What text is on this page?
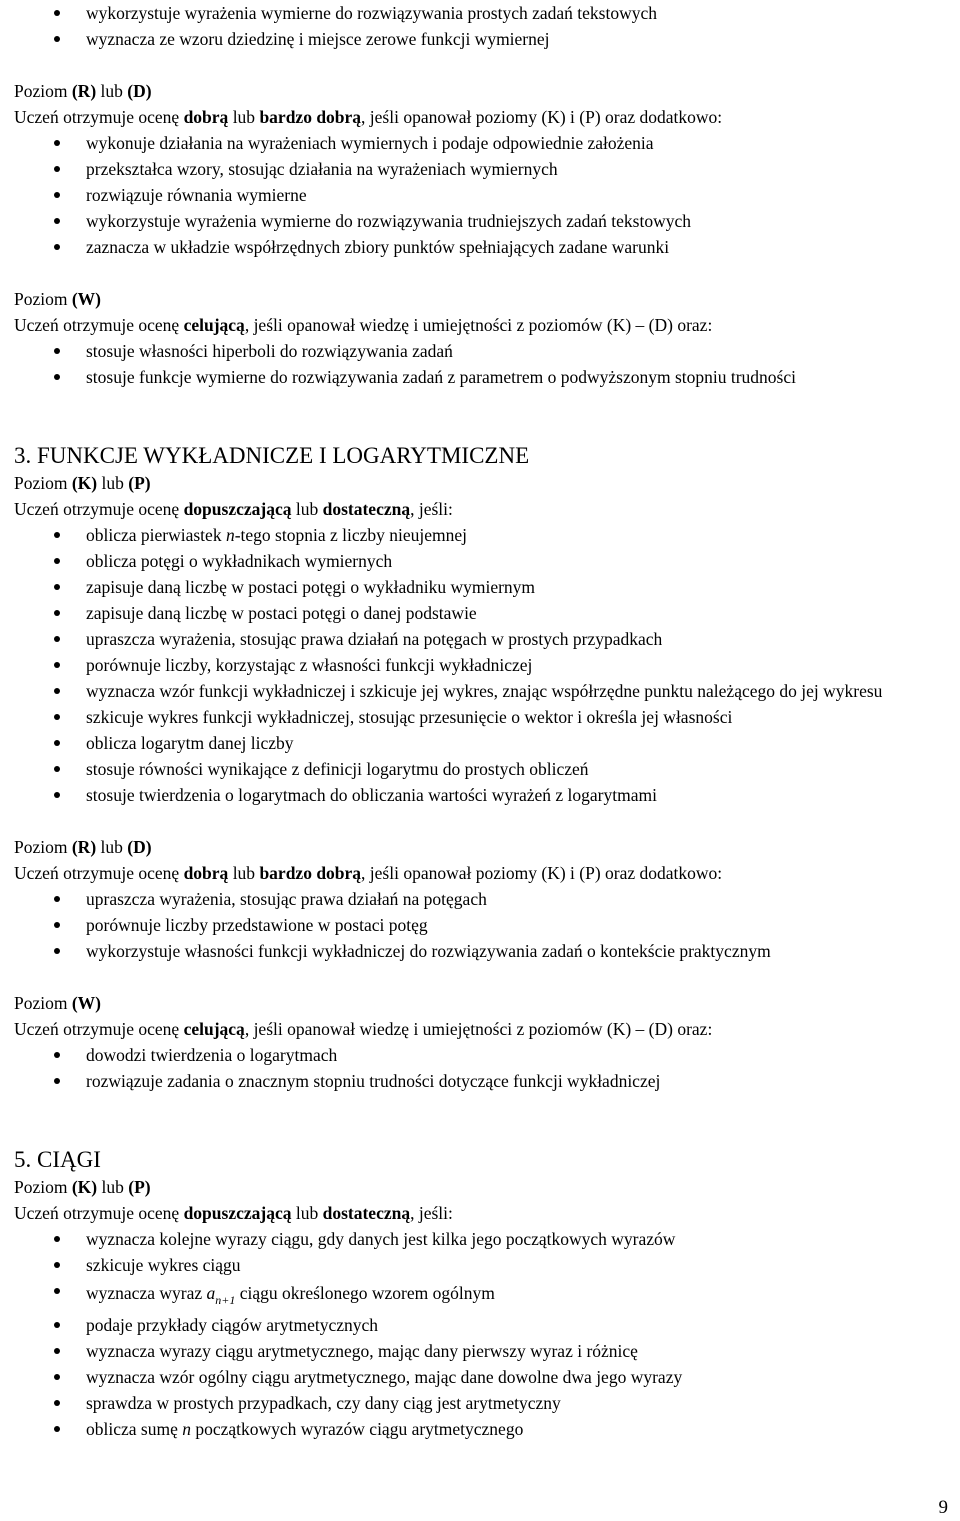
wykorzystuje wyrażenia wymierne do rozwiązywania prostych zadań tekstowych
wyznacza ze wzoru dziedzinę i miejsce zerowe funkcji wymiernej
Poziom (R) lub (D)
Uczeń otrzymuje ocenę dobrą lub bardzo dobrą, jeśli opanował poziomy (K) i (P) oraz dodatkowo:
wykonuje działania na wyrażeniach wymiernych i podaje odpowiednie założenia
przekształca wzory, stosując działania na wyrażeniach wymiernych
rozwiązuje równania wymierne
wykorzystuje wyrażenia wymierne do rozwiązywania trudniejszych zadań tekstowych
zaznacza w układzie współrzędnych zbiory punktów spełniających zadane warunki
Poziom (W)
Uczeń otrzymuje ocenę celującą, jeśli opanował wiedzę i umiejętności z poziomów (K) – (D) oraz:
stosuje własności hiperboli do rozwiązywania zadań
stosuje funkcje wymierne do rozwiązywania zadań z parametrem o podwyższonym stopniu trudności
3. FUNKCJE WYKŁADNICZE I LOGARYTMICZNE
Poziom (K) lub (P)
Uczeń otrzymuje ocenę dopuszczającą lub dostateczną, jeśli:
oblicza pierwiastek n-tego stopnia z liczby nieujemnej
oblicza potęgi o wykładnikach wymiernych
zapisuje daną liczbę w postaci potęgi o wykładniku wymiernym
zapisuje daną liczbę w postaci potęgi o danej podstawie
upraszcza wyrażenia, stosując prawa działań na potęgach w prostych przypadkach
porównuje liczby, korzystając z własności funkcji wykładniczej
wyznacza wzór funkcji wykładniczej i szkicuje jej wykres, znając współrzędne punktu należącego do jej wykresu
szkicuje wykres funkcji wykładniczej, stosując przesunięcie o wektor i określa jej własności
oblicza logarytm danej liczby
stosuje równości wynikające z definicji logarytmu do prostych obliczeń
stosuje twierdzenia o logarytmach do obliczania wartości wyrażeń z logarytmami
Poziom (R) lub (D)
Uczeń otrzymuje ocenę dobrą lub bardzo dobrą, jeśli opanował poziomy (K) i (P) oraz dodatkowo:
upraszcza wyrażenia, stosując prawa działań na potęgach
porównuje liczby przedstawione w postaci potęg
wykorzystuje własności funkcji wykładniczej do rozwiązywania zadań o kontekście praktycznym
Poziom (W)
Uczeń otrzymuje ocenę celującą, jeśli opanował wiedzę i umiejętności z poziomów (K) – (D) oraz:
dowodzi twierdzenia o logarytmach
rozwiązuje zadania o znacznym stopniu trudności dotyczące funkcji wykładniczej
5. CIĄGI
Poziom (K) lub (P)
Uczeń otrzymuje ocenę dopuszczającą lub dostateczną, jeśli:
wyznacza kolejne wyrazy ciągu, gdy danych jest kilka jego początkowych wyrazów
szkicuje wykres ciągu
wyznacza wyraz $a_{n+1}$ ciągu określonego wzorem ogólnym
podaje przykłady ciągów arytmetycznych
wyznacza wyrazy ciągu arytmetycznego, mając dany pierwszy wyraz i różnicę
wyznacza wzór ogólny ciągu arytmetycznego, mając dane dowolne dwa jego wyrazy
sprawdza w prostych przypadkach, czy dany ciąg jest arytmetyczny
oblicza sumę n początkowych wyrazów ciągu arytmetycznego
9
